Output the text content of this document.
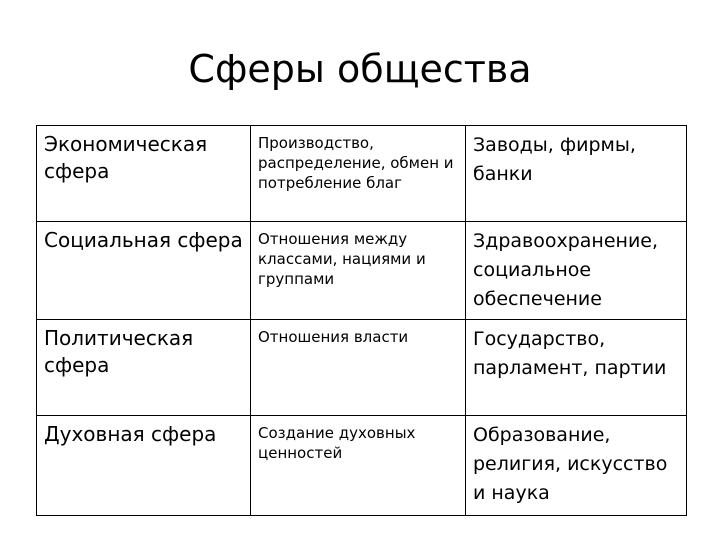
Сферы общества
Экономическая сфера	Производство, распределение, обмен и потребление благ	Заводы, фирмы, банки

Социальная сфера	Отношения между классами, нациями и группами	Здравоохранение, социальное обеспечение

Политическая сфера	Отношения власти	Государство, парламент, партии

Духовная сфера	Создание духовных ценностей	Образование, религия, искусство и наука
